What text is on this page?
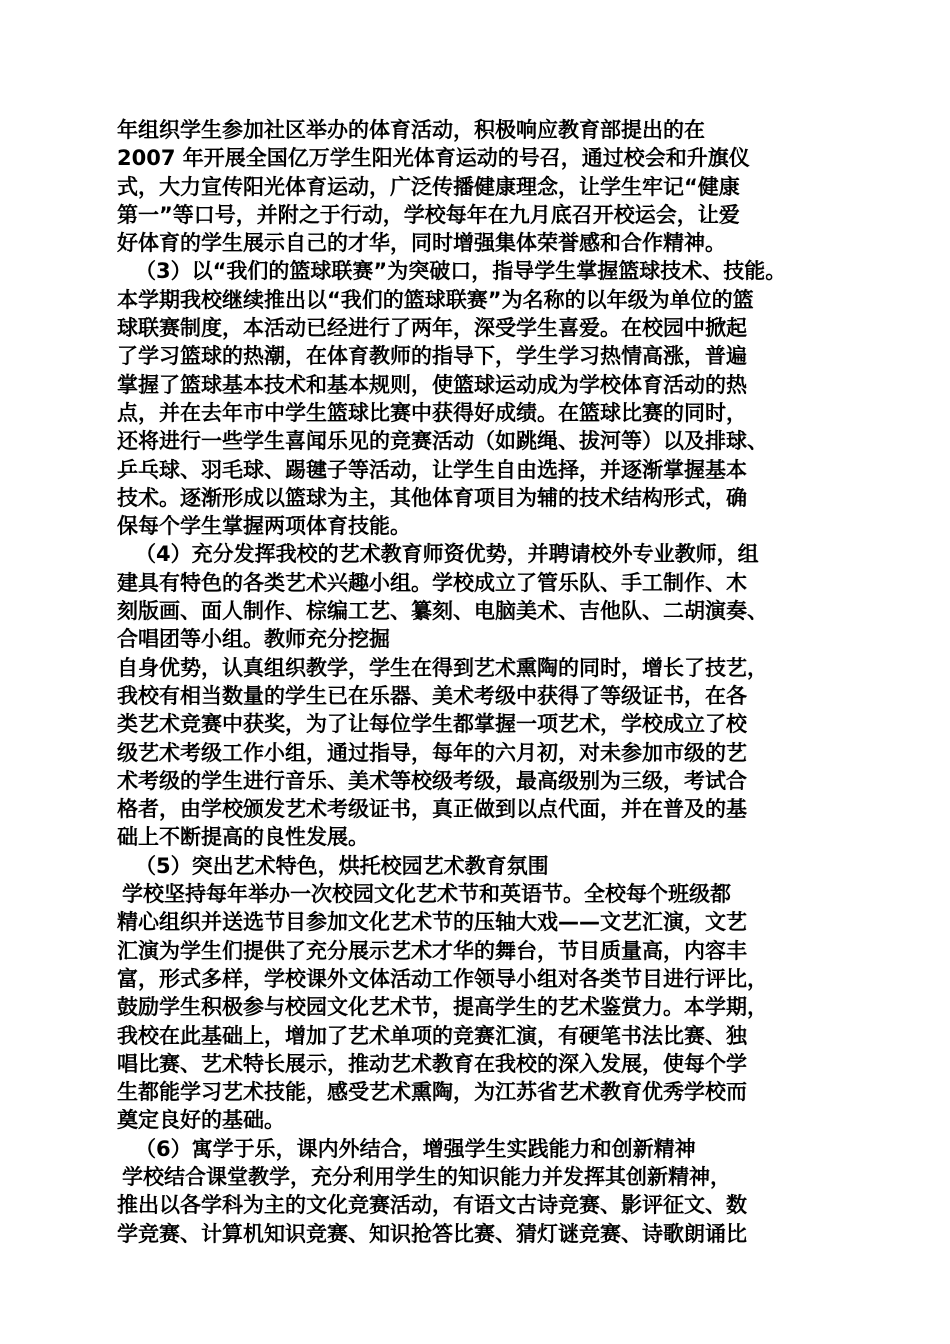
年组织学生参加社区举办的体育活动，积极响应教育部提出的在
2007 年开展全国亿万学生阳光体育运动的号召，通过校会和升旗仪
式，大力宣传阳光体育运动，广泛传播健康理念，让学生牢记“健康
第一”等口号，并附之于行动，学校每年在九月底召开校运会，让爱
好体育的学生展示自己的才华，同时增强集体荣誉感和合作精神。
（3）以“我们的篮球联赛”为突破口，指导学生掌握篮球技术、技能。
本学期我校继续推出以“我们的篮球联赛”为名称的以年级为单位的篮
球联赛制度，本活动已经进行了两年，深受学生喜爱。在校园中掀起
了学习篮球的热潮，在体育教师的指导下，学生学习热情高涨，普遍
掌握了篮球基本技术和基本规则，使篮球运动成为学校体育活动的热
点，并在去年市中学生篮球比赛中获得好成绩。在篮球比赛的同时，
还将进行一些学生喜闻乐见的竞赛活动（如跳绳、拔河等）以及排球、
乒乓球、羽毛球、踢毽子等活动，让学生自由选择，并逐渐掌握基本
技术。逐渐形成以篮球为主，其他体育项目为辅的技术结构形式，确
保每个学生掌握两项体育技能。
（4）充分发挥我校的艺术教育师资优势，并聘请校外专业教师，组
建具有特色的各类艺术兴趣小组。学校成立了管乐队、手工制作、木
刻版画、面人制作、棕编工艺、纂刻、电脑美术、吉他队、二胡演奏、
合唱团等小组。教师充分挖掘
自身优势，认真组织教学，学生在得到艺术熏陶的同时，增长了技艺，
我校有相当数量的学生已在乐器、美术考级中获得了等级证书，在各
类艺术竞赛中获奖，为了让每位学生都掌握一项艺术，学校成立了校
级艺术考级工作小组，通过指导，每年的六月初，对未参加市级的艺
术考级的学生进行音乐、美术等校级考级，最高级别为三级，考试合
格者，由学校颁发艺术考级证书，真正做到以点代面，并在普及的基
础上不断提高的良性发展。
（5）突出艺术特色，烘托校园艺术教育氛围
学校坚持每年举办一次校园文化艺术节和英语节。全校每个班级都
精心组织并送选节目参加文化艺术节的压轴大戏——文艺汇演，文艺
汇演为学生们提供了充分展示艺术才华的舞台，节目质量高，内容丰
富，形式多样，学校课外文体活动工作领导小组对各类节目进行评比，
鼓励学生积极参与校园文化艺术节，提高学生的艺术鉴赏力。本学期，
我校在此基础上，增加了艺术单项的竞赛汇演，有硬笔书法比赛、独
唱比赛、艺术特长展示，推动艺术教育在我校的深入发展，使每个学
生都能学习艺术技能，感受艺术熏陶，为江苏省艺术教育优秀学校而
奠定良好的基础。
（6）寓学于乐，课内外结合，增强学生实践能力和创新精神
学校结合课堂教学，充分利用学生的知识能力并发挥其创新精神，
推出以各学科为主的文化竞赛活动，有语文古诗竞赛、影评征文、数
学竞赛、计算机知识竞赛、知识抢答比赛、猜灯谜竞赛、诗歌朗诵比
